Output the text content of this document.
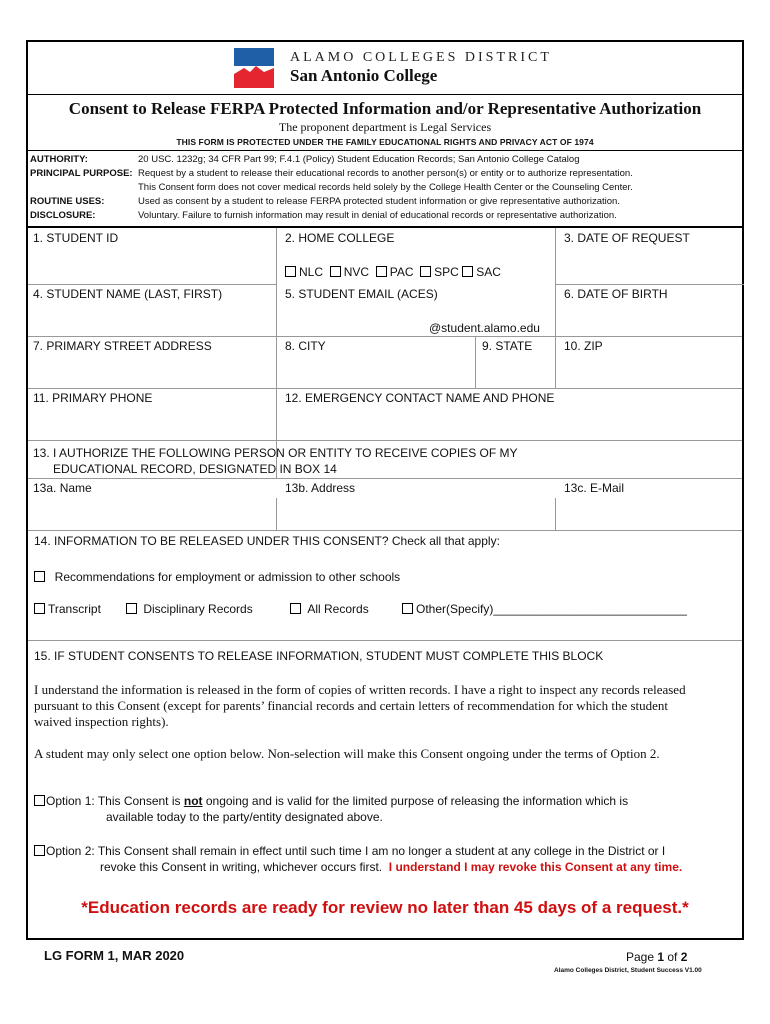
ALAMO COLLEGES DISTRICT
San Antonio College
Consent to Release FERPA Protected Information and/or Representative Authorization
The proponent department is Legal Services
THIS FORM IS PROTECTED UNDER THE FAMILY EDUCATIONAL RIGHTS AND PRIVACY ACT OF 1974
AUTHORITY:	20 USC. 1232g; 34 CFR Part 99; F.4.1 (Policy) Student Education Records; San Antonio College Catalog
PRINCIPAL PURPOSE: Request by a student to release their educational records to another person(s) or entity or to authorize representation.
This Consent form does not cover medical records held solely by the College Health Center or the Counseling Center.
ROUTINE USES:	Used as consent by a student to release FERPA protected student information or give representative authorization.
DISCLOSURE:	Voluntary. Failure to furnish information may result in denial of educational records or representative authorization.
1. STUDENT ID	2. HOME COLLEGE	3. DATE OF REQUEST
NLC NVC PAC SPC SAC
4. STUDENT NAME (LAST, FIRST)	5. STUDENT EMAIL (ACES)	6. DATE OF BIRTH
@student.alamo.edu
7. PRIMARY STREET ADDRESS	8. CITY	9. STATE	10. ZIP
11. PRIMARY PHONE	12. EMERGENCY CONTACT NAME AND PHONE
13. I AUTHORIZE THE FOLLOWING PERSON OR ENTITY TO RECEIVE COPIES OF MY
EDUCATIONAL RECORD, DESIGNATED IN BOX 14
13a. Name	13b. Address	13c. E-Mail
14. INFORMATION TO BE RELEASED UNDER THIS CONSENT? Check all that apply:
Recommendations for employment or admission to other schools
Transcript	Disciplinary Records	All Records	Other(Specify)_____________________________
15. IF STUDENT CONSENTS TO RELEASE INFORMATION, STUDENT MUST COMPLETE THIS BLOCK
I understand the information is released in the form of copies of written records. I have a right to inspect any records released
pursuant to this Consent (except for parents’ financial records and certain letters of recommendation for which the student
waived inspection rights).
A student may only select one option below. Non-selection will make this Consent ongoing under the terms of Option 2.
Option 1: This Consent is not ongoing and is valid for the limited purpose of releasing the information which is
available today to the party/entity designated above.
Option 2: This Consent shall remain in effect until such time I am no longer a student at any college in the District or I
revoke this Consent in writing, whichever occurs first. I understand I may revoke this Consent at any time.
*Education records are ready for review no later than 45 days of a request.*
LG FORM 1, MAR 2020	Page 1 of 2
Alamo Colleges District, Student Success V1.00
